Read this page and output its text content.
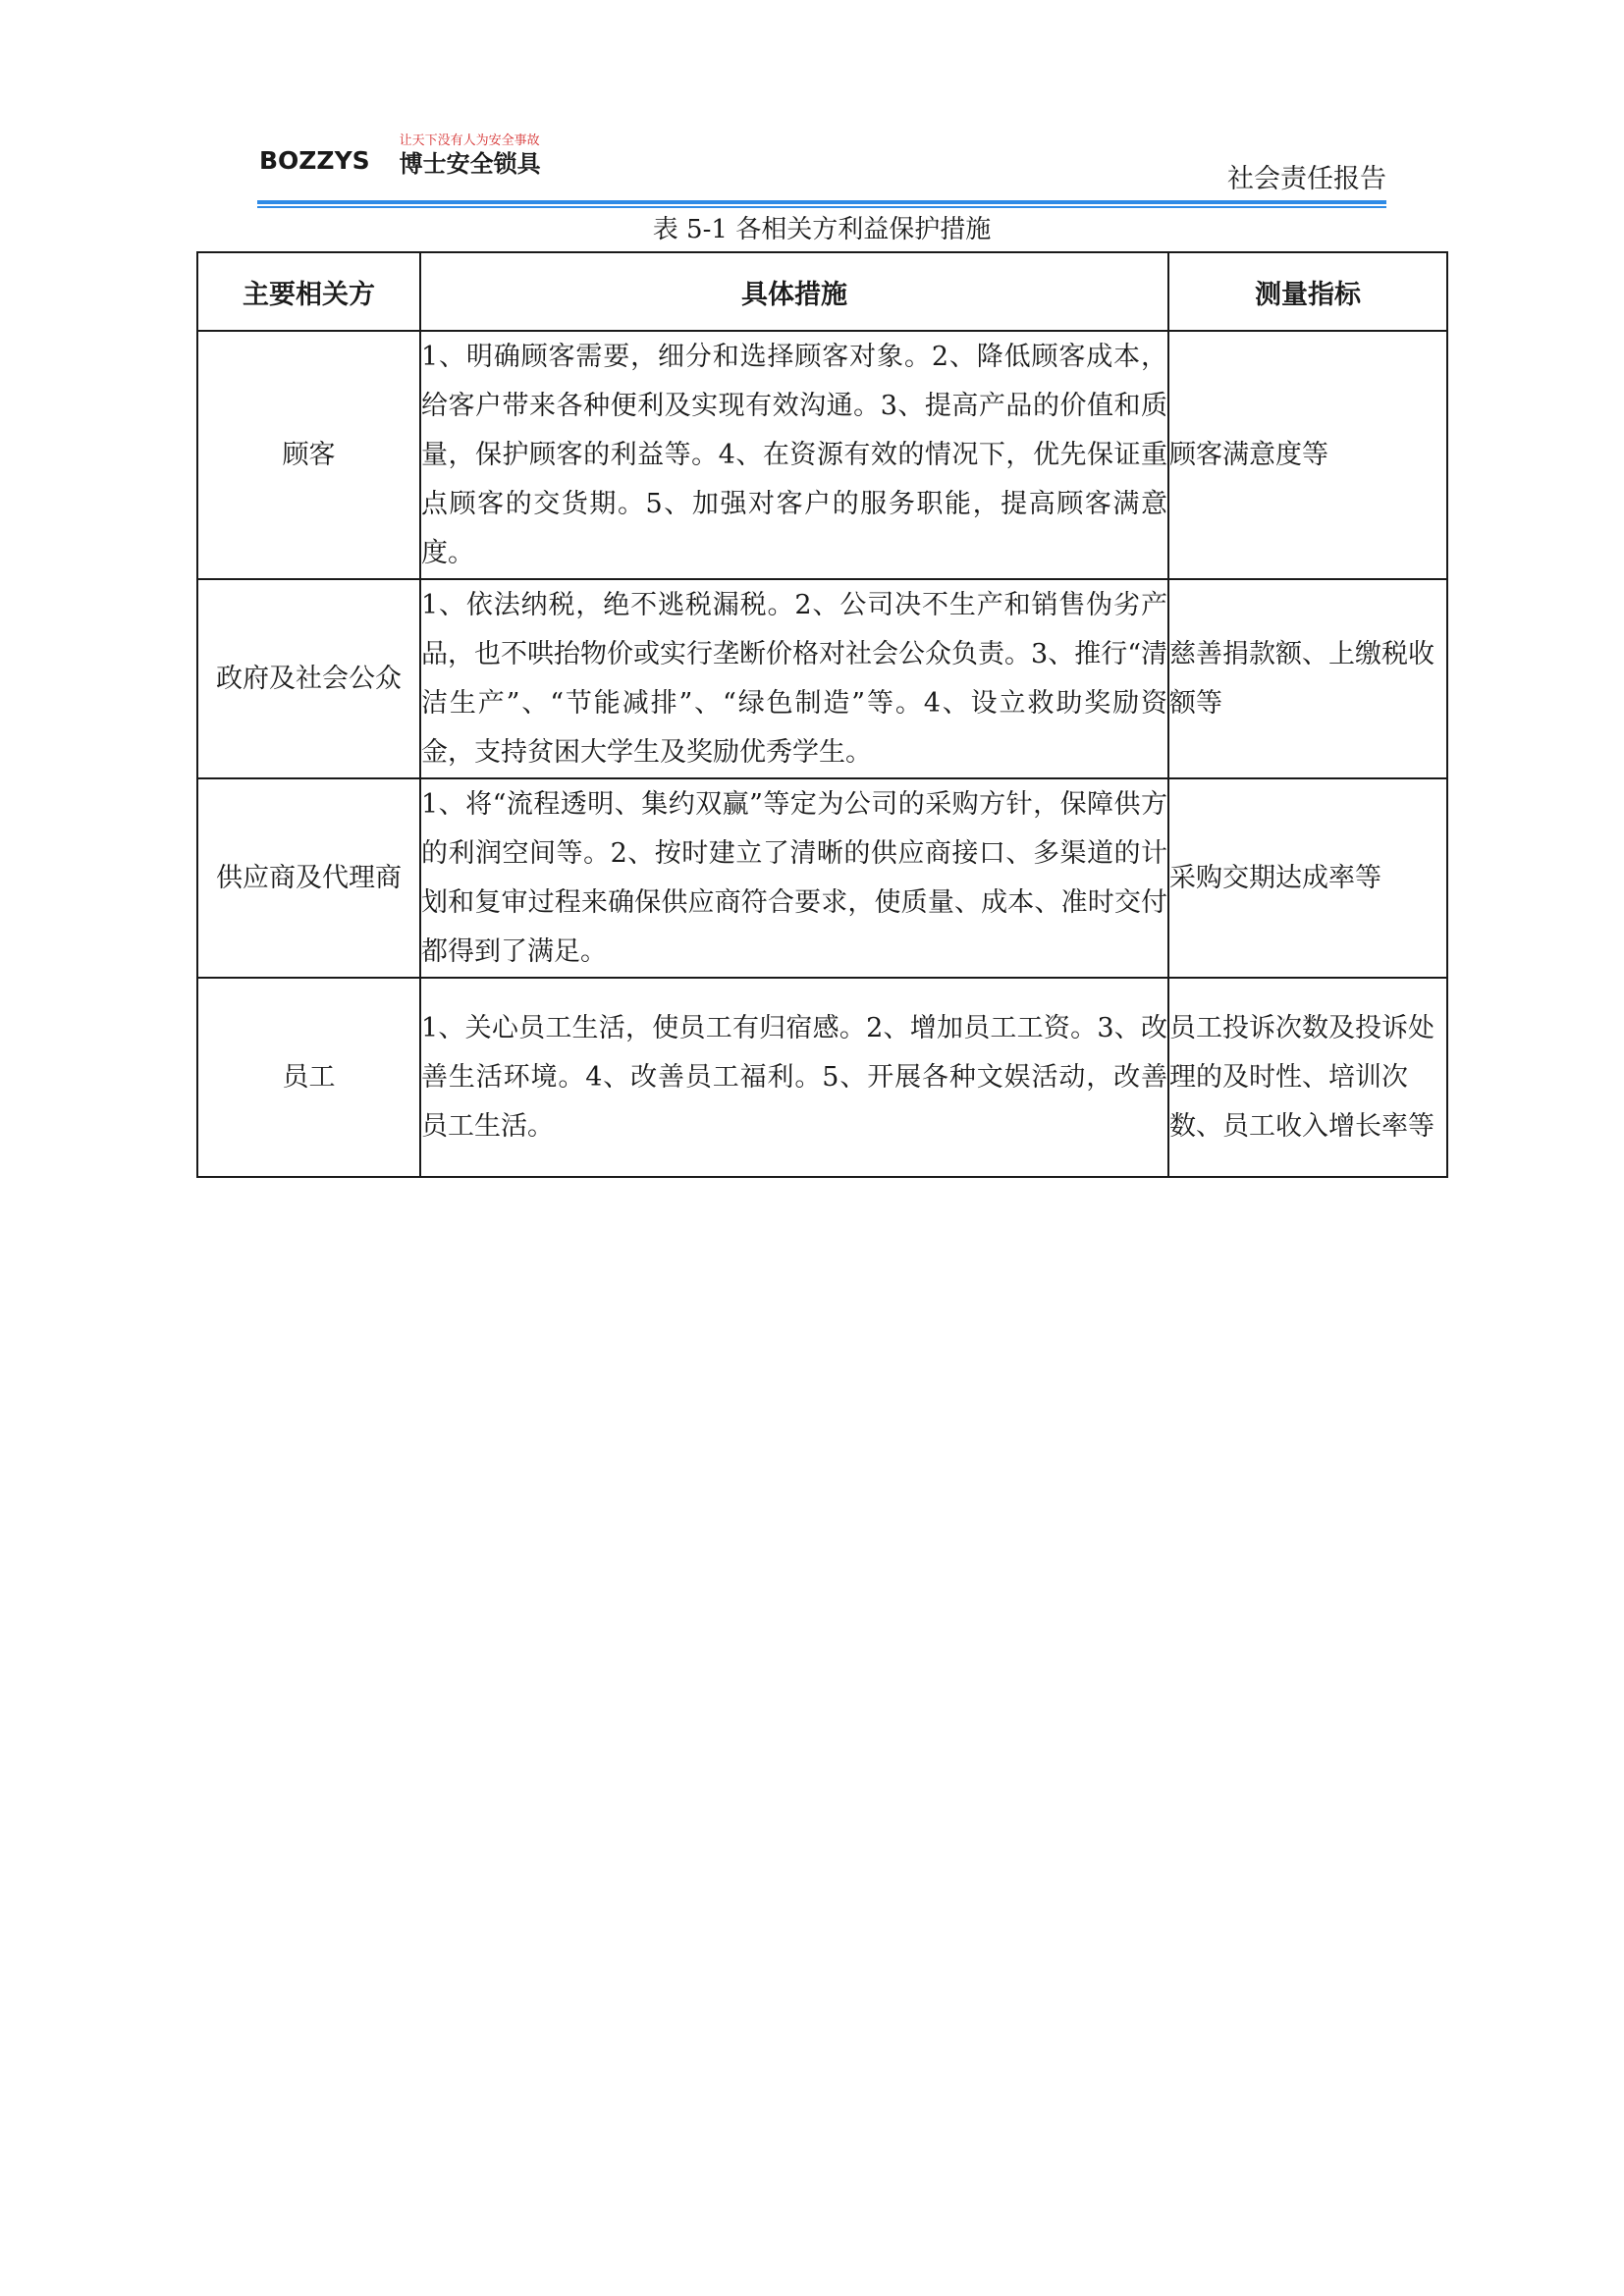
BOZZYS
让天下没有人为安全事故
博士安全锁具	社会责任报告
表 5-1 各相关方利益保护措施
主要相关方	具体措施	测量指标
顾客	1、明确顾客需要，细分和选择顾客对象。2、降低顾客成本，给客户带来各种便利及实现有效沟通。3、提高产品的价值和质量，保护顾客的利益等。4、在资源有效的情况下，优先保证重点顾客的交货期。5、加强对客户的服务职能，提高顾客满意度。	顾客满意度等
政府及社会公众	1、依法纳税，绝不逃税漏税。2、公司决不生产和销售伪劣产品，也不哄抬物价或实行垄断价格对社会公众负责。3、推行“清洁生产”、“节能减排”、“绿色制造”等。4、设立救助奖励资金，支持贫困大学生及奖励优秀学生。	慈善捐款额、上缴税收额等
供应商及代理商	1、将“流程透明、集约双赢”等定为公司的采购方针，保障供方的利润空间等。2、按时建立了清晰的供应商接口、多渠道的计划和复审过程来确保供应商符合要求，使质量、成本、准时交付都得到了满足。	采购交期达成率等
员工	1、关心员工生活，使员工有归宿感。2、增加员工工资。3、改善生活环境。4、改善员工福利。5、开展各种文娱活动，改善员工生活。	员工投诉次数及投诉处理的及时性、培训次数、员工收入增长率等
